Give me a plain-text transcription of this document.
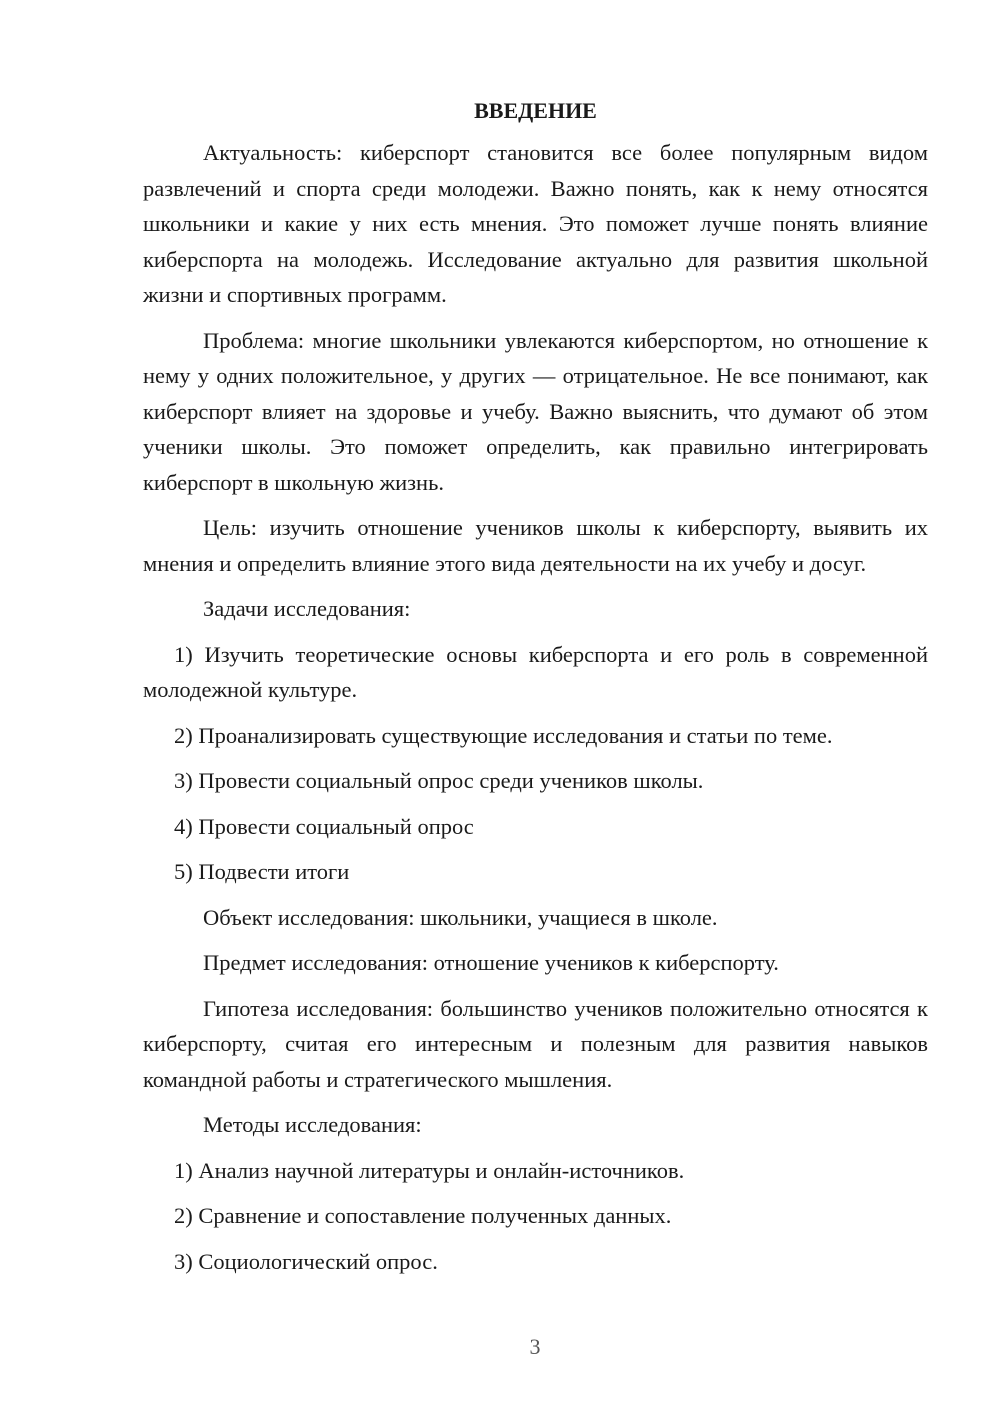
ВВЕДЕНИЕ

Актуальность: киберспорт становится все более популярным видом развлечений и спорта среди молодежи. Важно понять, как к нему относятся школьники и какие у них есть мнения. Это поможет лучше понять влияние киберспорта на молодежь. Исследование актуально для развития школьной жизни и спортивных программ.

Проблема: многие школьники увлекаются киберспортом, но отношение к нему у одних положительное, у других — отрицательное. Не все понимают, как киберспорт влияет на здоровье и учебу. Важно выяснить, что думают об этом ученики школы. Это поможет определить, как правильно интегрировать киберспорт в школьную жизнь.

Цель: изучить отношение учеников школы к киберспорту, выявить их мнения и определить влияние этого вида деятельности на их учебу и досуг.

Задачи исследования:

1) Изучить теоретические основы киберспорта и его роль в современной молодежной культуре.

2) Проанализировать существующие исследования и статьи по теме.

3) Провести социальный опрос среди учеников школы.

4) Провести социальный опрос

5) Подвести итоги

Объект исследования: школьники, учащиеся в школе.

Предмет исследования: отношение учеников к киберспорту.

Гипотеза исследования: большинство учеников положительно относятся к киберспорту, считая его интересным и полезным для развития навыков командной работы и стратегического мышления.

Методы исследования:

1) Анализ научной литературы и онлайн-источников.

2) Сравнение и сопоставление полученных данных.

3) Социологический опрос.

3
